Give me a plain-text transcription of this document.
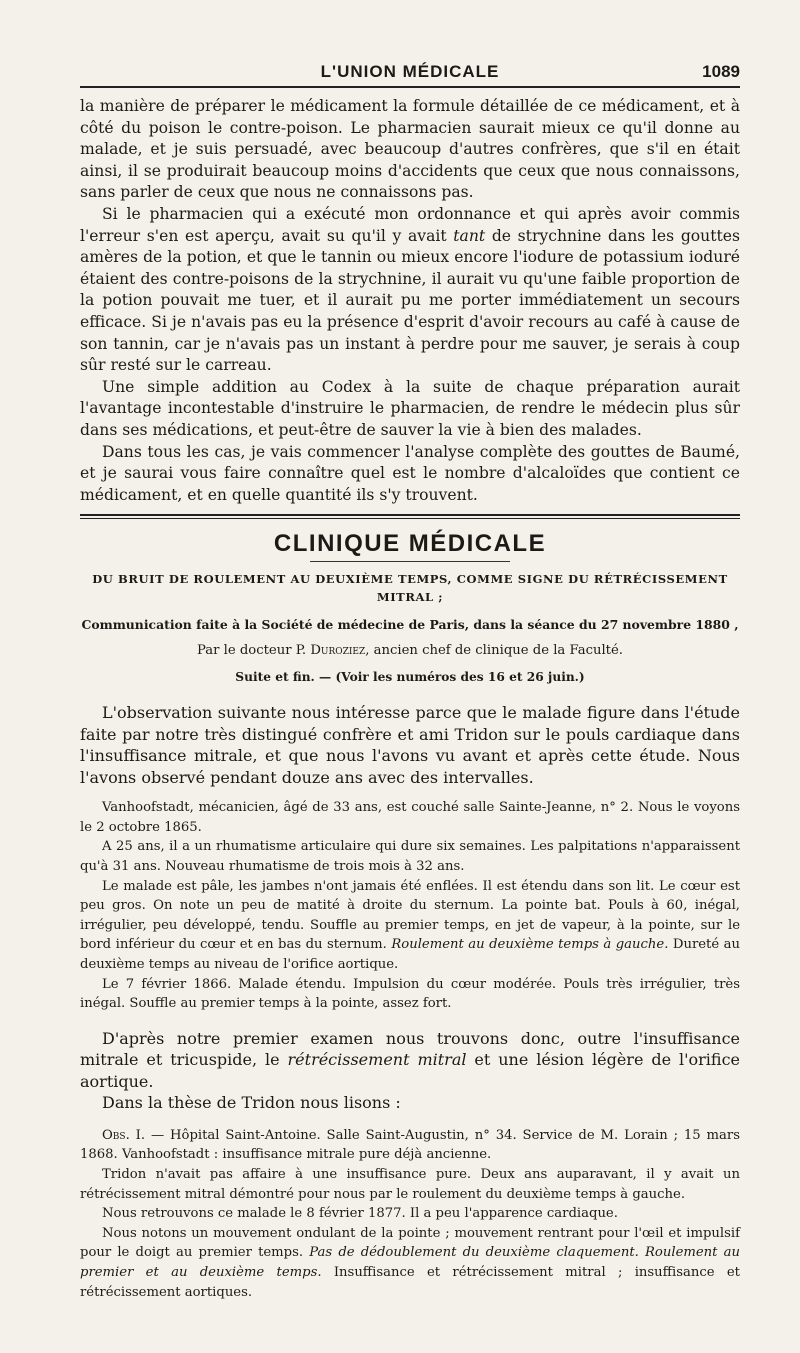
L'UNION MÉDICALE	1089

la manière de préparer le médicament la formule détaillée de ce médicament, et à côté du poison le contre-poison. Le pharmacien saurait mieux ce qu'il donne au malade, et je suis persuadé, avec beaucoup d'autres confrères, que s'il en était ainsi, il se produirait beaucoup moins d'accidents que ceux que nous connaissons, sans parler de ceux que nous ne connaissons pas.

Si le pharmacien qui a exécuté mon ordonnance et qui après avoir commis l'erreur s'en est aperçu, avait su qu'il y avait tant de strychnine dans les gouttes amères de la potion, et que le tannin ou mieux encore l'iodure de potassium ioduré étaient des contre-poisons de la strychnine, il aurait vu qu'une faible proportion de la potion pouvait me tuer, et il aurait pu me porter immédiatement un secours efficace. Si je n'avais pas eu la présence d'esprit d'avoir recours au café à cause de son tannin, car je n'avais pas un instant à perdre pour me sauver, je serais à coup sûr resté sur le carreau.

Une simple addition au Codex à la suite de chaque préparation aurait l'avantage incontestable d'instruire le pharmacien, de rendre le médecin plus sûr dans ses médications, et peut-être de sauver la vie à bien des malades.

Dans tous les cas, je vais commencer l'analyse complète des gouttes de Baumé, et je saurai vous faire connaître quel est le nombre d'alcaloïdes que contient ce médicament, et en quelle quantité ils s'y trouvent.

CLINIQUE MÉDICALE
DU BRUIT DE ROULEMENT AU DEUXIÈME TEMPS, COMME SIGNE DU RÉTRÉCISSEMENT MITRAL ;
Communication faite à la Société de médecine de Paris, dans la séance du 27 novembre 1880 ,
Par le docteur P. Duroziez, ancien chef de clinique de la Faculté.
Suite et fin. — (Voir les numéros des 16 et 26 juin.)

L'observation suivante nous intéresse parce que le malade figure dans l'étude faite par notre très distingué confrère et ami Tridon sur le pouls cardiaque dans l'insuffisance mitrale, et que nous l'avons vu avant et après cette étude. Nous l'avons observé pendant douze ans avec des intervalles.

Vanhoofstadt, mécanicien, âgé de 33 ans, est couché salle Sainte-Jeanne, n° 2. Nous le voyons le 2 octobre 1865.

A 25 ans, il a un rhumatisme articulaire qui dure six semaines. Les palpitations n'apparaissent qu'à 31 ans. Nouveau rhumatisme de trois mois à 32 ans.

Le malade est pâle, les jambes n'ont jamais été enflées. Il est étendu dans son lit. Le cœur est peu gros. On note un peu de matité à droite du sternum. La pointe bat. Pouls à 60, inégal, irrégulier, peu développé, tendu. Souffle au premier temps, en jet de vapeur, à la pointe, sur le bord inférieur du cœur et en bas du sternum. Roulement au deuxième temps à gauche. Dureté au deuxième temps au niveau de l'orifice aortique.

Le 7 février 1866. Malade étendu. Impulsion du cœur modérée. Pouls très irrégulier, très inégal. Souffle au premier temps à la pointe, assez fort.

D'après notre premier examen nous trouvons donc, outre l'insuffisance mitrale et tricuspide, le rétrécissement mitral et une lésion légère de l'orifice aortique.

Dans la thèse de Tridon nous lisons :

Obs. I. — Hôpital Saint-Antoine. Salle Saint-Augustin, n° 34. Service de M. Lorain ; 15 mars 1868. Vanhoofstadt : insuffisance mitrale pure déjà ancienne.

Tridon n'avait pas affaire à une insuffisance pure. Deux ans auparavant, il y avait un rétrécissement mitral démontré pour nous par le roulement du deuxième temps à gauche.

Nous retrouvons ce malade le 8 février 1877. Il a peu l'apparence cardiaque.

Nous notons un mouvement ondulant de la pointe ; mouvement rentrant pour l'œil et impulsif pour le doigt au premier temps. Pas de dédoublement du deuxième claquement. Roulement au premier et au deuxième temps. Insuffisance et rétrécissement mitral ; insuffisance et rétrécissement aortiques.
